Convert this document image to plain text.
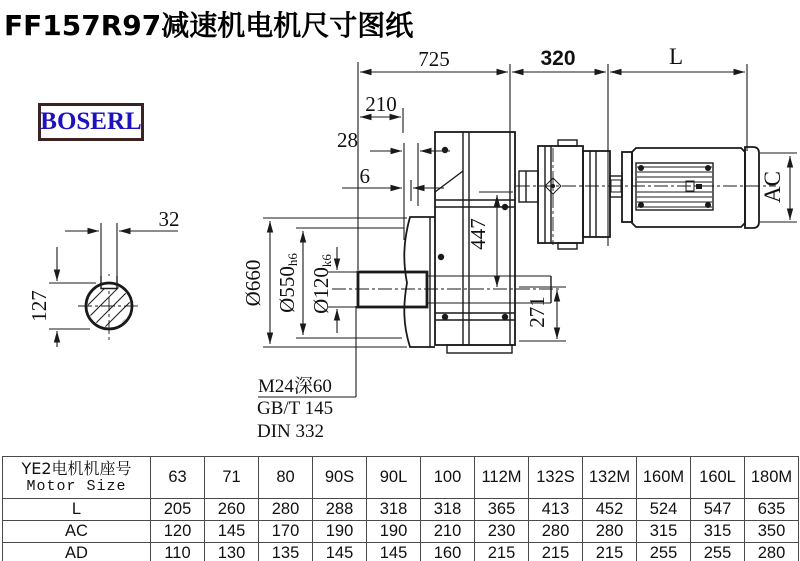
FF157R97减速机电机尺寸图纸
BOSERL
725	320	L
210
28
6
32
127	Ø660 Ø550h6
Ø120k6
447
271
AC
M24深60
GB/T 145
DIN 332
YE2电机机座号
Motor Size	63	71	80	90S	90L	100	112M	132S	132M	160M	160L	180M
L	205	260	280	288	318	318	365	413	452	524	547	635
AC	120	145	170	190	190	210	230	280	280	315	315	350
AD	110	130	135	145	145	160	215	215	215	255	255	280
